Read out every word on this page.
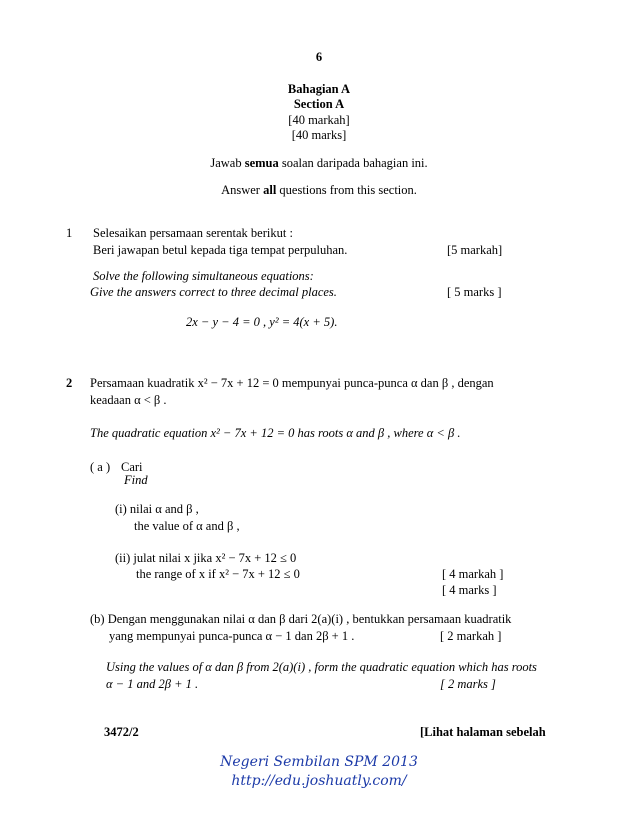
6
Bahagian A
Section A
[40 markah]
[40 marks]
Jawab semua soalan daripada bahagian ini.
Answer all questions from this section.
1 Selesaikan persamaan serentak berikut :
Beri jawapan betul kepada tiga tempat perpuluhan.	[5 markah]
Solve the following simultaneous equations:
Give the answers correct to three decimal places.	[ 5 marks ]
2x − y − 4 = 0 , y² = 4(x + 5).
2 Persamaan kuadratik x² − 7x + 12 = 0 mempunyai punca-punca α dan β , dengan
keadaan α < β .
The quadratic equation x² − 7x + 12 = 0 has roots α and β , where α < β .
( a ) Cari
Find
(i) nilai α and β ,
the value of α and β ,
(ii) julat nilai x jika x² − 7x + 12 ≤ 0
the range of x if x² − 7x + 12 ≤ 0	[ 4 markah ]
[ 4 marks ]
(b) Dengan menggunakan nilai α dan β dari 2(a)(i) , bentukkan persamaan kuadratik
yang mempunyai punca-punca α − 1 dan 2β + 1 .	[ 2 markah ]
Using the values of α dan β from 2(a)(i) , form the quadratic equation which has roots
α − 1 and 2β + 1 .	[ 2 marks ]
3472/2	[Lihat halaman sebelah
Negeri Sembilan SPM 2013
http://edu.joshuatly.com/
